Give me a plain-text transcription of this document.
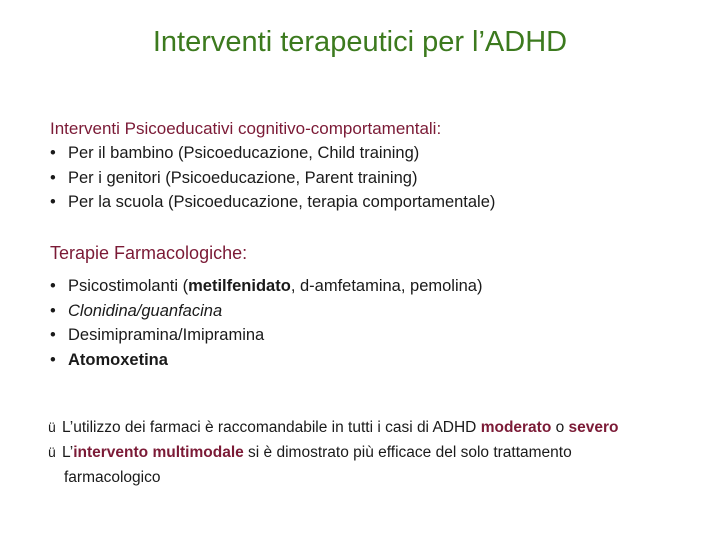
Interventi terapeutici per l’ADHD
Interventi Psicoeducativi cognitivo-comportamentali:
• Per il bambino (Psicoeducazione, Child training)
• Per i genitori (Psicoeducazione, Parent training)
• Per la scuola (Psicoeducazione, terapia comportamentale)
Terapie Farmacologiche:
• Psicostimolanti (metilfenidato, d-amfetamina, pemolina)
• Clonidina/guanfacina
• Desimipramina/Imipramina
• Atomoxetina
ü L’utilizzo dei farmaci è raccomandabile in tutti i casi di ADHD moderato o severo
ü L’intervento multimodale si è dimostrato più efficace del solo trattamento
farmacologico
